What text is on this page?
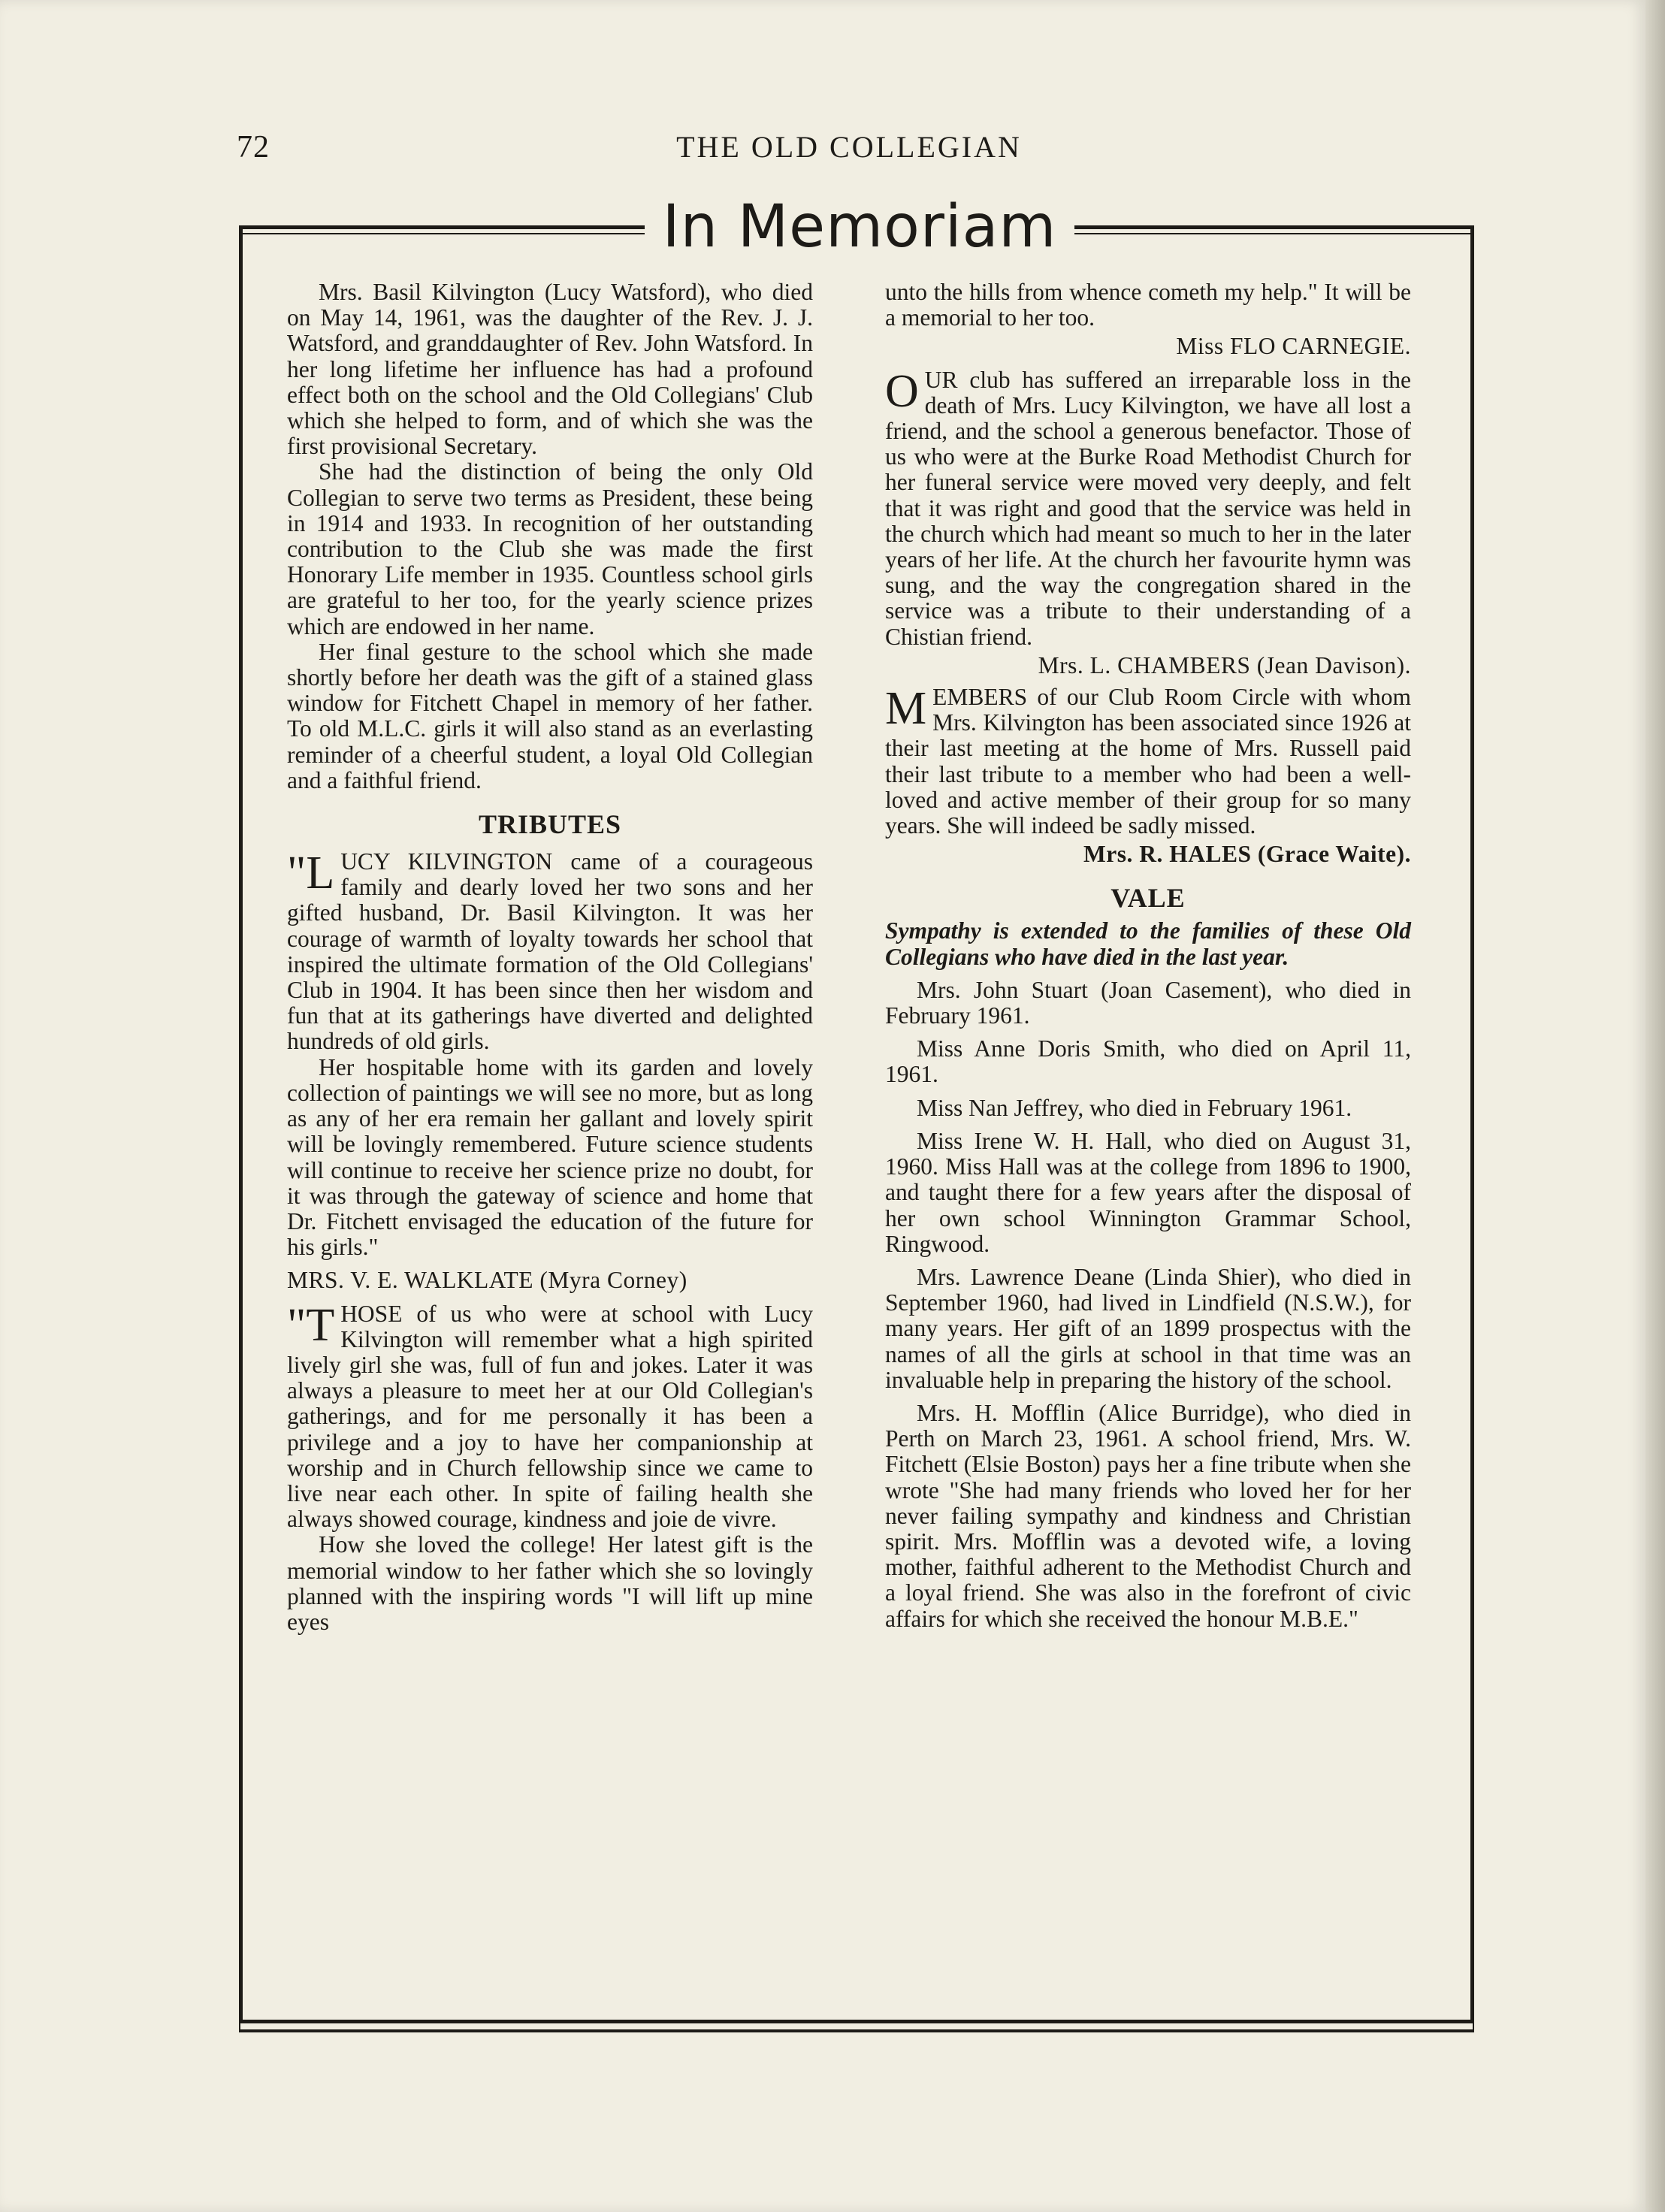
72	THE OLD COLLEGIAN
In Memoriam

Mrs. Basil Kilvington (Lucy Watsford), who died on May 14, 1961, was the daughter of the Rev. J. J. Watsford, and granddaughter of Rev. John Watsford. In her long lifetime her influence has had a profound effect both on the school and the Old Collegians' Club which she helped to form, and of which she was the first provisional Secretary.

She had the distinction of being the only Old Collegian to serve two terms as President, these being in 1914 and 1933. In recognition of her outstanding contribution to the Club she was made the first Honorary Life member in 1935. Countless school girls are grateful to her too, for the yearly science prizes which are endowed in her name.

Her final gesture to the school which she made shortly before her death was the gift of a stained glass window for Fitchett Chapel in memory of her father. To old M.L.C. girls it will also stand as an everlasting reminder of a cheerful student, a loyal Old Collegian and a faithful friend.

TRIBUTES

"L UCY KILVINGTON came of a courageous family and dearly loved her two sons and her gifted husband, Dr. Basil Kilvington. It was her courage of warmth of loyalty towards her school that inspired the ultimate formation of the Old Collegians' Club in 1904. It has been since then her wisdom and fun that at its gatherings have diverted and delighted hundreds of old girls.

Her hospitable home with its garden and lovely collection of paintings we will see no more, but as long as any of her era remain her gallant and lovely spirit will be lovingly remembered. Future science students will continue to receive her science prize no doubt, for it was through the gateway of science and home that Dr. Fitchett envisaged the education of the future for his girls."

MRS. V. E. WALKLATE (Myra Corney)

"T HOSE of us who were at school with Lucy Kilvington will remember what a high spirited lively girl she was, full of fun and jokes. Later it was always a pleasure to meet her at our Old Collegian's gatherings, and for me personally it has been a privilege and a joy to have her companionship at worship and in Church fellowship since we came to live near each other. In spite of failing health she always showed courage, kindness and joie de vivre.

How she loved the college! Her latest gift is the memorial window to her father which she so lovingly planned with the inspiring words "I will lift up mine eyes

unto the hills from whence cometh my help." It will be a memorial to her too.

Miss FLO CARNEGIE.

OUR club has suffered an irreparable loss in the death of Mrs. Lucy Kilvington, we have all lost a friend, and the school a generous benefactor. Those of us who were at the Burke Road Methodist Church for her funeral service were moved very deeply, and felt that it was right and good that the service was held in the church which had meant so much to her in the later years of her life. At the church her favourite hymn was sung, and the way the congregation shared in the service was a tribute to their understanding of a Chistian friend.

Mrs. L. CHAMBERS (Jean Davison).

MEMBERS of our Club Room Circle with whom Mrs. Kilvington has been associated since 1926 at their last meeting at the home of Mrs. Russell paid their last tribute to a member who had been a well-loved and active member of their group for so many years. She will indeed be sadly missed.

Mrs. R. HALES (Grace Waite).

VALE

Sympathy is extended to the families of these Old Collegians who have died in the last year.

Mrs. John Stuart (Joan Casement), who died in February 1961.

Miss Anne Doris Smith, who died on April 11, 1961.

Miss Nan Jeffrey, who died in February 1961.

Miss Irene W. H. Hall, who died on August 31, 1960. Miss Hall was at the college from 1896 to 1900, and taught there for a few years after the disposal of her own school Winnington Grammar School, Ringwood.

Mrs. Lawrence Deane (Linda Shier), who died in September 1960, had lived in Lindfield (N.S.W.), for many years. Her gift of an 1899 prospectus with the names of all the girls at school in that time was an invaluable help in preparing the history of the school.

Mrs. H. Mofflin (Alice Burridge), who died in Perth on March 23, 1961. A school friend, Mrs. W. Fitchett (Elsie Boston) pays her a fine tribute when she wrote "She had many friends who loved her for her never failing sympathy and kindness and Christian spirit. Mrs. Mofflin was a devoted wife, a loving mother, faithful adherent to the Methodist Church and a loyal friend. She was also in the forefront of civic affairs for which she received the honour M.B.E."
